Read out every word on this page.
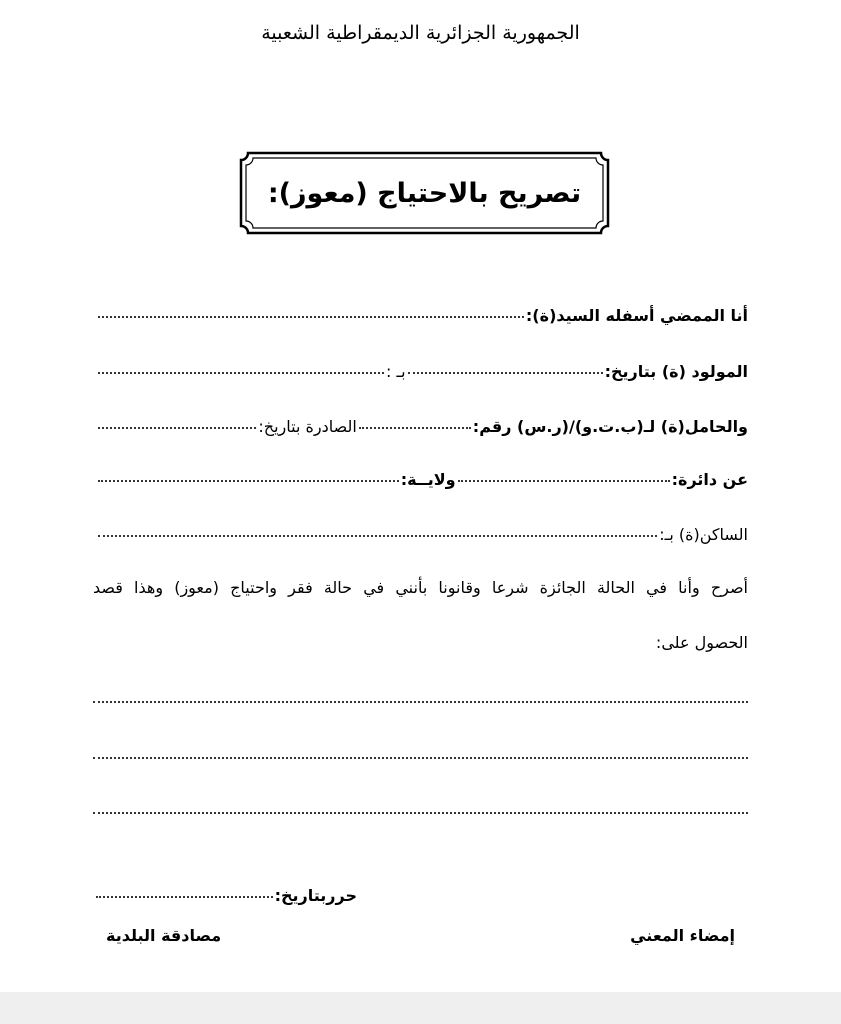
الجمهورية الجزائرية الديمقراطية الشعبية
تصريح بالاحتياج (معوز):
أنا الممضي أسفله السيد(ة):
المولود (ة) بتاريخ:
بـ :
والحامل(ة) لـ(ب.ت.و)/(ر.س) رقم:
الصادرة بتاريخ:
عن دائرة:
ولايــة:
الساكن(ة) بـ:
أصرح وأنا في الحالة الجائزة شرعا وقانونا بأنني في حالة فقر واحتياج (معوز) وهذا قصد
الحصول على:
حرربتاريخ:
إمضاء المعني
مصادقة البلدية
